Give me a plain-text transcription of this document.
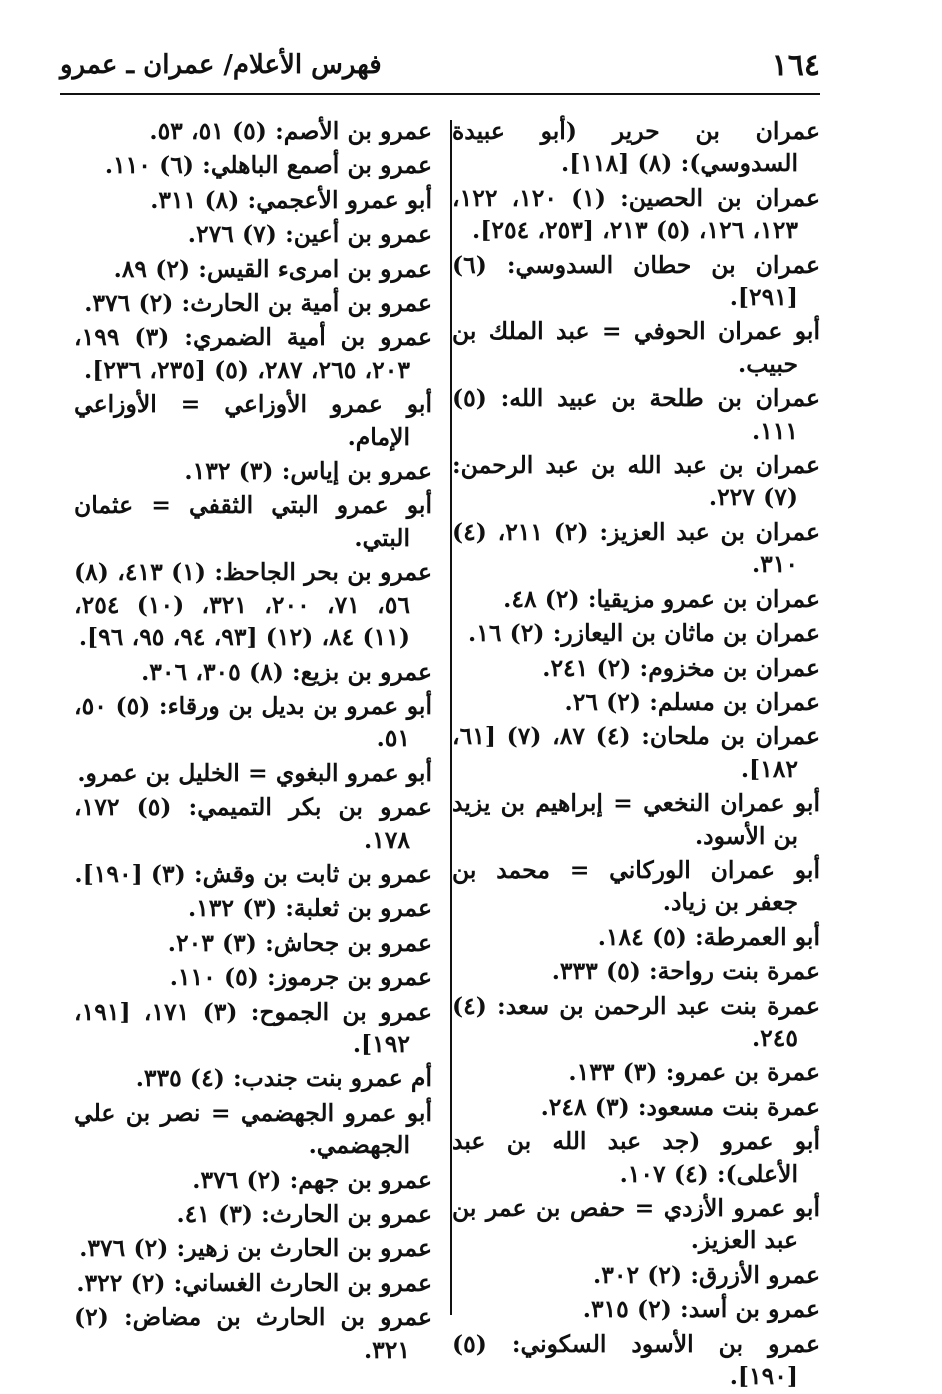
١٦٤
فهرس الأعلام/ عمران ـ عمرو
عمران بن حرير (أبو عبيدة السدوسي): (٨) [١١٨].
عمران بن الحصين: (١) ١٢٠، ١٢٢، ١٢٣، ١٢٦، (٥) ٢١٣، [٢٥٣، ٢٥٤].
عمران بن حطان السدوسي: (٦) [٢٩١].
أبو عمران الحوفي = عبد الملك بن حبيب.
عمران بن طلحة بن عبيد الله: (٥) ١١١.
عمران بن عبد الله بن عبد الرحمن: (٧) ٢٢٧.
عمران بن عبد العزيز: (٢) ٢١١، (٤) ٣١٠.
عمران بن عمرو مزيقيا: (٢) ٤٨.
عمران بن ماثان بن اليعازر: (٢) ١٦.
عمران بن مخزوم: (٢) ٢٤١.
عمران بن مسلم: (٢) ٢٦.
عمران بن ملحان: (٤) ٨٧، (٧) [٦١، ١٨٢].
أبو عمران النخعي = إبراهيم بن يزيد بن الأسود.
أبو عمران الوركاني = محمد بن جعفر بن زياد.
أبو العمرطة: (٥) ١٨٤.
عمرة بنت رواحة: (٥) ٣٣٣.
عمرة بنت عبد الرحمن بن سعد: (٤) ٢٤٥.
عمرة بن عمرو: (٣) ١٣٣.
عمرة بنت مسعود: (٣) ٢٤٨.
أبو عمرو (جد عبد الله بن عبد الأعلى): (٤) ١٠٧.
أبو عمرو الأزدي = حفص بن عمر بن عبد العزيز.
عمرو الأزرق: (٢) ٣٠٢.
عمرو بن أسد: (٢) ٣١٥.
عمرو بن الأسود السكوني: (٥) [١٩٠].
عمرو بن الأصم: (٥) ٥١، ٥٣.
عمرو بن أصمع الباهلي: (٦) ١١٠.
أبو عمرو الأعجمي: (٨) ٣١١.
عمرو بن أعين: (٧) ٢٧٦.
عمرو بن امرىء القيس: (٢) ٨٩.
عمرو بن أمية بن الحارث: (٢) ٣٧٦.
عمرو بن أمية الضمري: (٣) ١٩٩، ٢٠٣، ٢٦٥، ٢٨٧، (٥) [٢٣٥، ٢٣٦].
أبو عمرو الأوزاعي = الأوزاعي الإمام.
عمرو بن إياس: (٣) ١٣٢.
أبو عمرو البتي الثقفي = عثمان البتي.
عمرو بن بحر الجاحظ: (١) ٤١٣، (٨) ٥٦، ٧١، ٢٠٠، ٣٢١، (١٠) ٢٥٤، (١١) ٨٤، (١٢) [٩٣، ٩٤، ٩٥، ٩٦].
عمرو بن بزيع: (٨) ٣٠٥، ٣٠٦.
أبو عمرو بن بديل بن ورقاء: (٥) ٥٠، ٥١.
أبو عمرو البغوي = الخليل بن عمرو.
عمرو بن بكر التميمي: (٥) ١٧٢، ١٧٨.
عمرو بن ثابت بن وقش: (٣) [١٩٠].
عمرو بن ثعلبة: (٣) ١٣٢.
عمرو بن جحاش: (٣) ٢٠٣.
عمرو بن جرموز: (٥) ١١٠.
عمرو بن الجموح: (٣) ١٧١، [١٩١، ١٩٢].
أم عمرو بنت جندب: (٤) ٣٣٥.
أبو عمرو الجهضمي = نصر بن علي الجهضمي.
عمرو بن جهم: (٢) ٣٧٦.
عمرو بن الحارث: (٣) ٤١.
عمرو بن الحارث بن زهير: (٢) ٣٧٦.
عمرو بن الحارث الغساني: (٢) ٣٢٢.
عمرو بن الحارث بن مضاض: (٢) ٣٢١.
